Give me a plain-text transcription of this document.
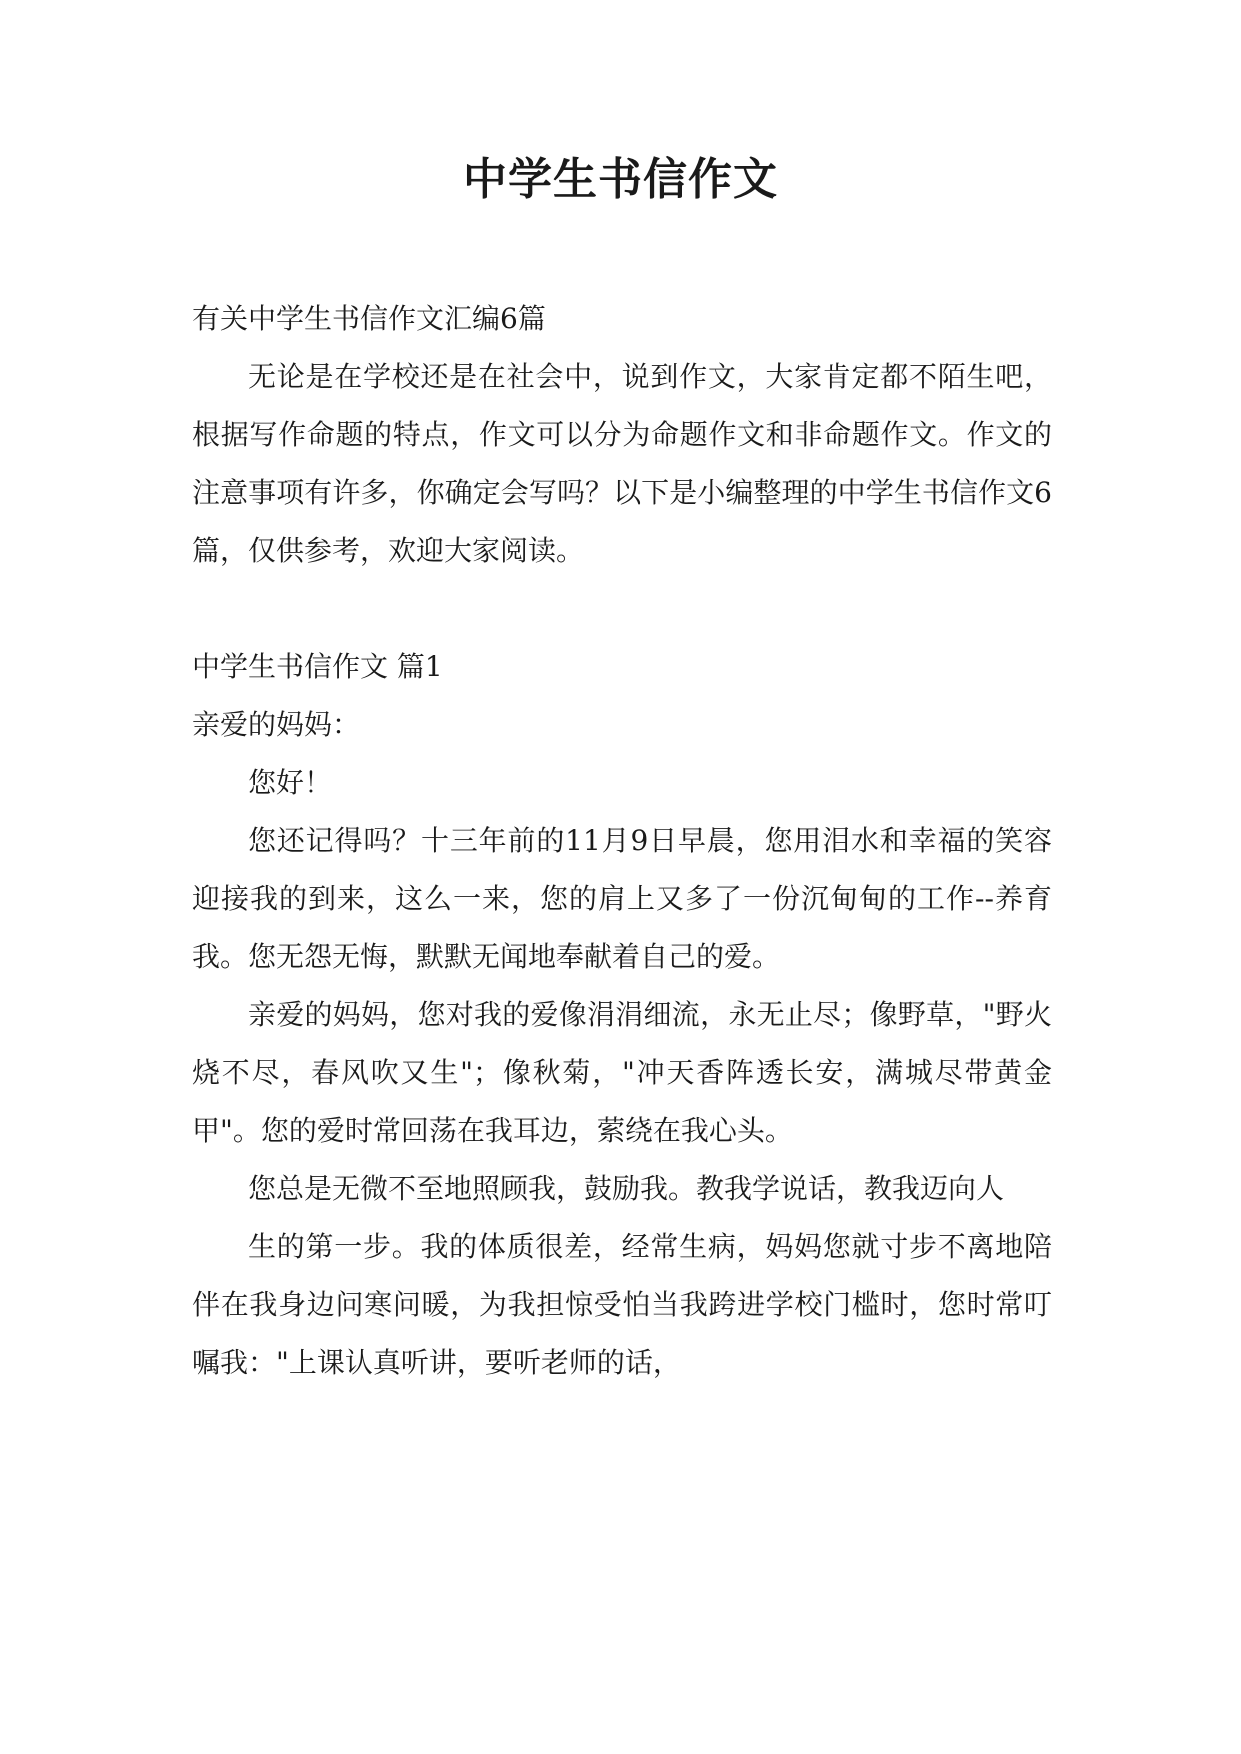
中学生书信作文

有关中学生书信作文汇编6篇

无论是在学校还是在社会中，说到作文，大家肯定都不陌生吧，根据写作命题的特点，作文可以分为命题作文和非命题作文。作文的注意事项有许多，你确定会写吗？以下是小编整理的中学生书信作文6篇，仅供参考，欢迎大家阅读。

中学生书信作文 篇1

亲爱的妈妈：

您好！

您还记得吗？十三年前的11月9日早晨，您用泪水和幸福的笑容迎接我的到来，这么一来，您的肩上又多了一份沉甸甸的工作--养育我。您无怨无悔，默默无闻地奉献着自己的爱。

亲爱的妈妈，您对我的爱像涓涓细流，永无止尽；像野草，"野火烧不尽，春风吹又生"；像秋菊，"冲天香阵透长安，满城尽带黄金甲"。您的爱时常回荡在我耳边，萦绕在我心头。

您总是无微不至地照顾我，鼓励我。教我学说话，教我迈向人

生的第一步。我的体质很差，经常生病，妈妈您就寸步不离地陪伴在我身边问寒问暖，为我担惊受怕当我跨进学校门槛时，您时常叮嘱我："上课认真听讲，要听老师的话，
